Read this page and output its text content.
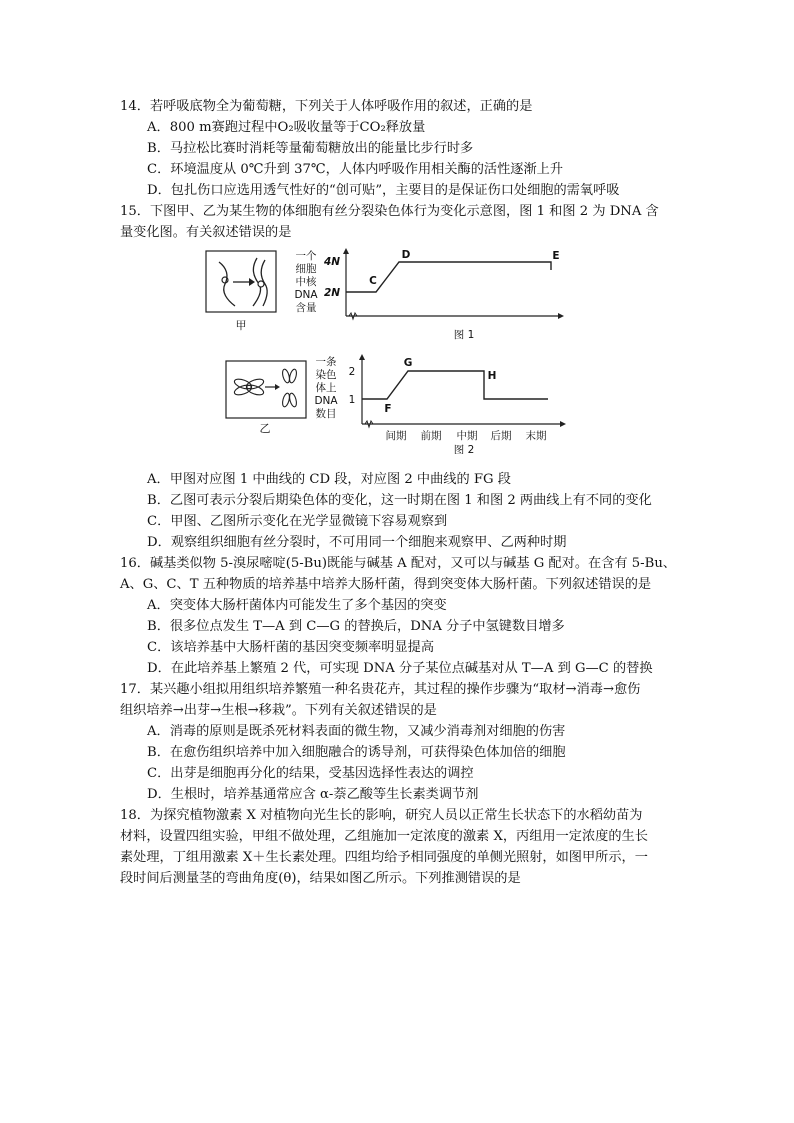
14．若呼吸底物全为葡萄糖，下列关于人体呼吸作用的叙述，正确的是
A．800 m赛跑过程中O₂吸收量等于CO₂释放量
B．马拉松比赛时消耗等量葡萄糖放出的能量比步行时多
C．环境温度从 0℃升到 37℃，人体内呼吸作用相关酶的活性逐渐上升
D．包扎伤口应选用透气性好的“创可贴”，主要目的是保证伤口处细胞的需氧呼吸
15．下图甲、乙为某生物的体细胞有丝分裂染色体行为变化示意图，图 1 和图 2 为 DNA 含
量变化图。有关叙述错误的是
甲
一个
细胞
中核
DNA
含量
4N
2N
C
D	E
图 1
乙
一条
染色
体上
DNA
数目
2
1
G
H
F
间期 前期 中期 后期 末期
图 2
A．甲图对应图 1 中曲线的 CD 段，对应图 2 中曲线的 FG 段
B．乙图可表示分裂后期染色体的变化，这一时期在图 1 和图 2 两曲线上有不同的变化
C．甲图、乙图所示变化在光学显微镜下容易观察到
D．观察组织细胞有丝分裂时，不可用同一个细胞来观察甲、乙两种时期
16．碱基类似物 5-溴尿嘧啶(5-Bu)既能与碱基 A 配对，又可以与碱基 G 配对。在含有 5-Bu、
A、G、C、T 五种物质的培养基中培养大肠杆菌，得到突变体大肠杆菌。下列叙述错误的是
A．突变体大肠杆菌体内可能发生了多个基因的突变
B．很多位点发生 T—A 到 C—G 的替换后，DNA 分子中氢键数目增多
C．该培养基中大肠杆菌的基因突变频率明显提高
D．在此培养基上繁殖 2 代，可实现 DNA 分子某位点碱基对从 T—A 到 G—C 的替换
17．某兴趣小组拟用组织培养繁殖一种名贵花卉，其过程的操作步骤为“取材→消毒→愈伤
组织培养→出芽→生根→移栽”。下列有关叙述错误的是
A．消毒的原则是既杀死材料表面的微生物，又减少消毒剂对细胞的伤害
B．在愈伤组织培养中加入细胞融合的诱导剂，可获得染色体加倍的细胞
C．出芽是细胞再分化的结果，受基因选择性表达的调控
D．生根时，培养基通常应含 α-萘乙酸等生长素类调节剂
18．为探究植物激素 X 对植物向光生长的影响，研究人员以正常生长状态下的水稻幼苗为
材料，设置四组实验，甲组不做处理，乙组施加一定浓度的激素 X，丙组用一定浓度的生长
素处理，丁组用激素 X＋生长素处理。四组均给予相同强度的单侧光照射，如图甲所示，一
段时间后测量茎的弯曲角度(θ)，结果如图乙所示。下列推测错误的是
